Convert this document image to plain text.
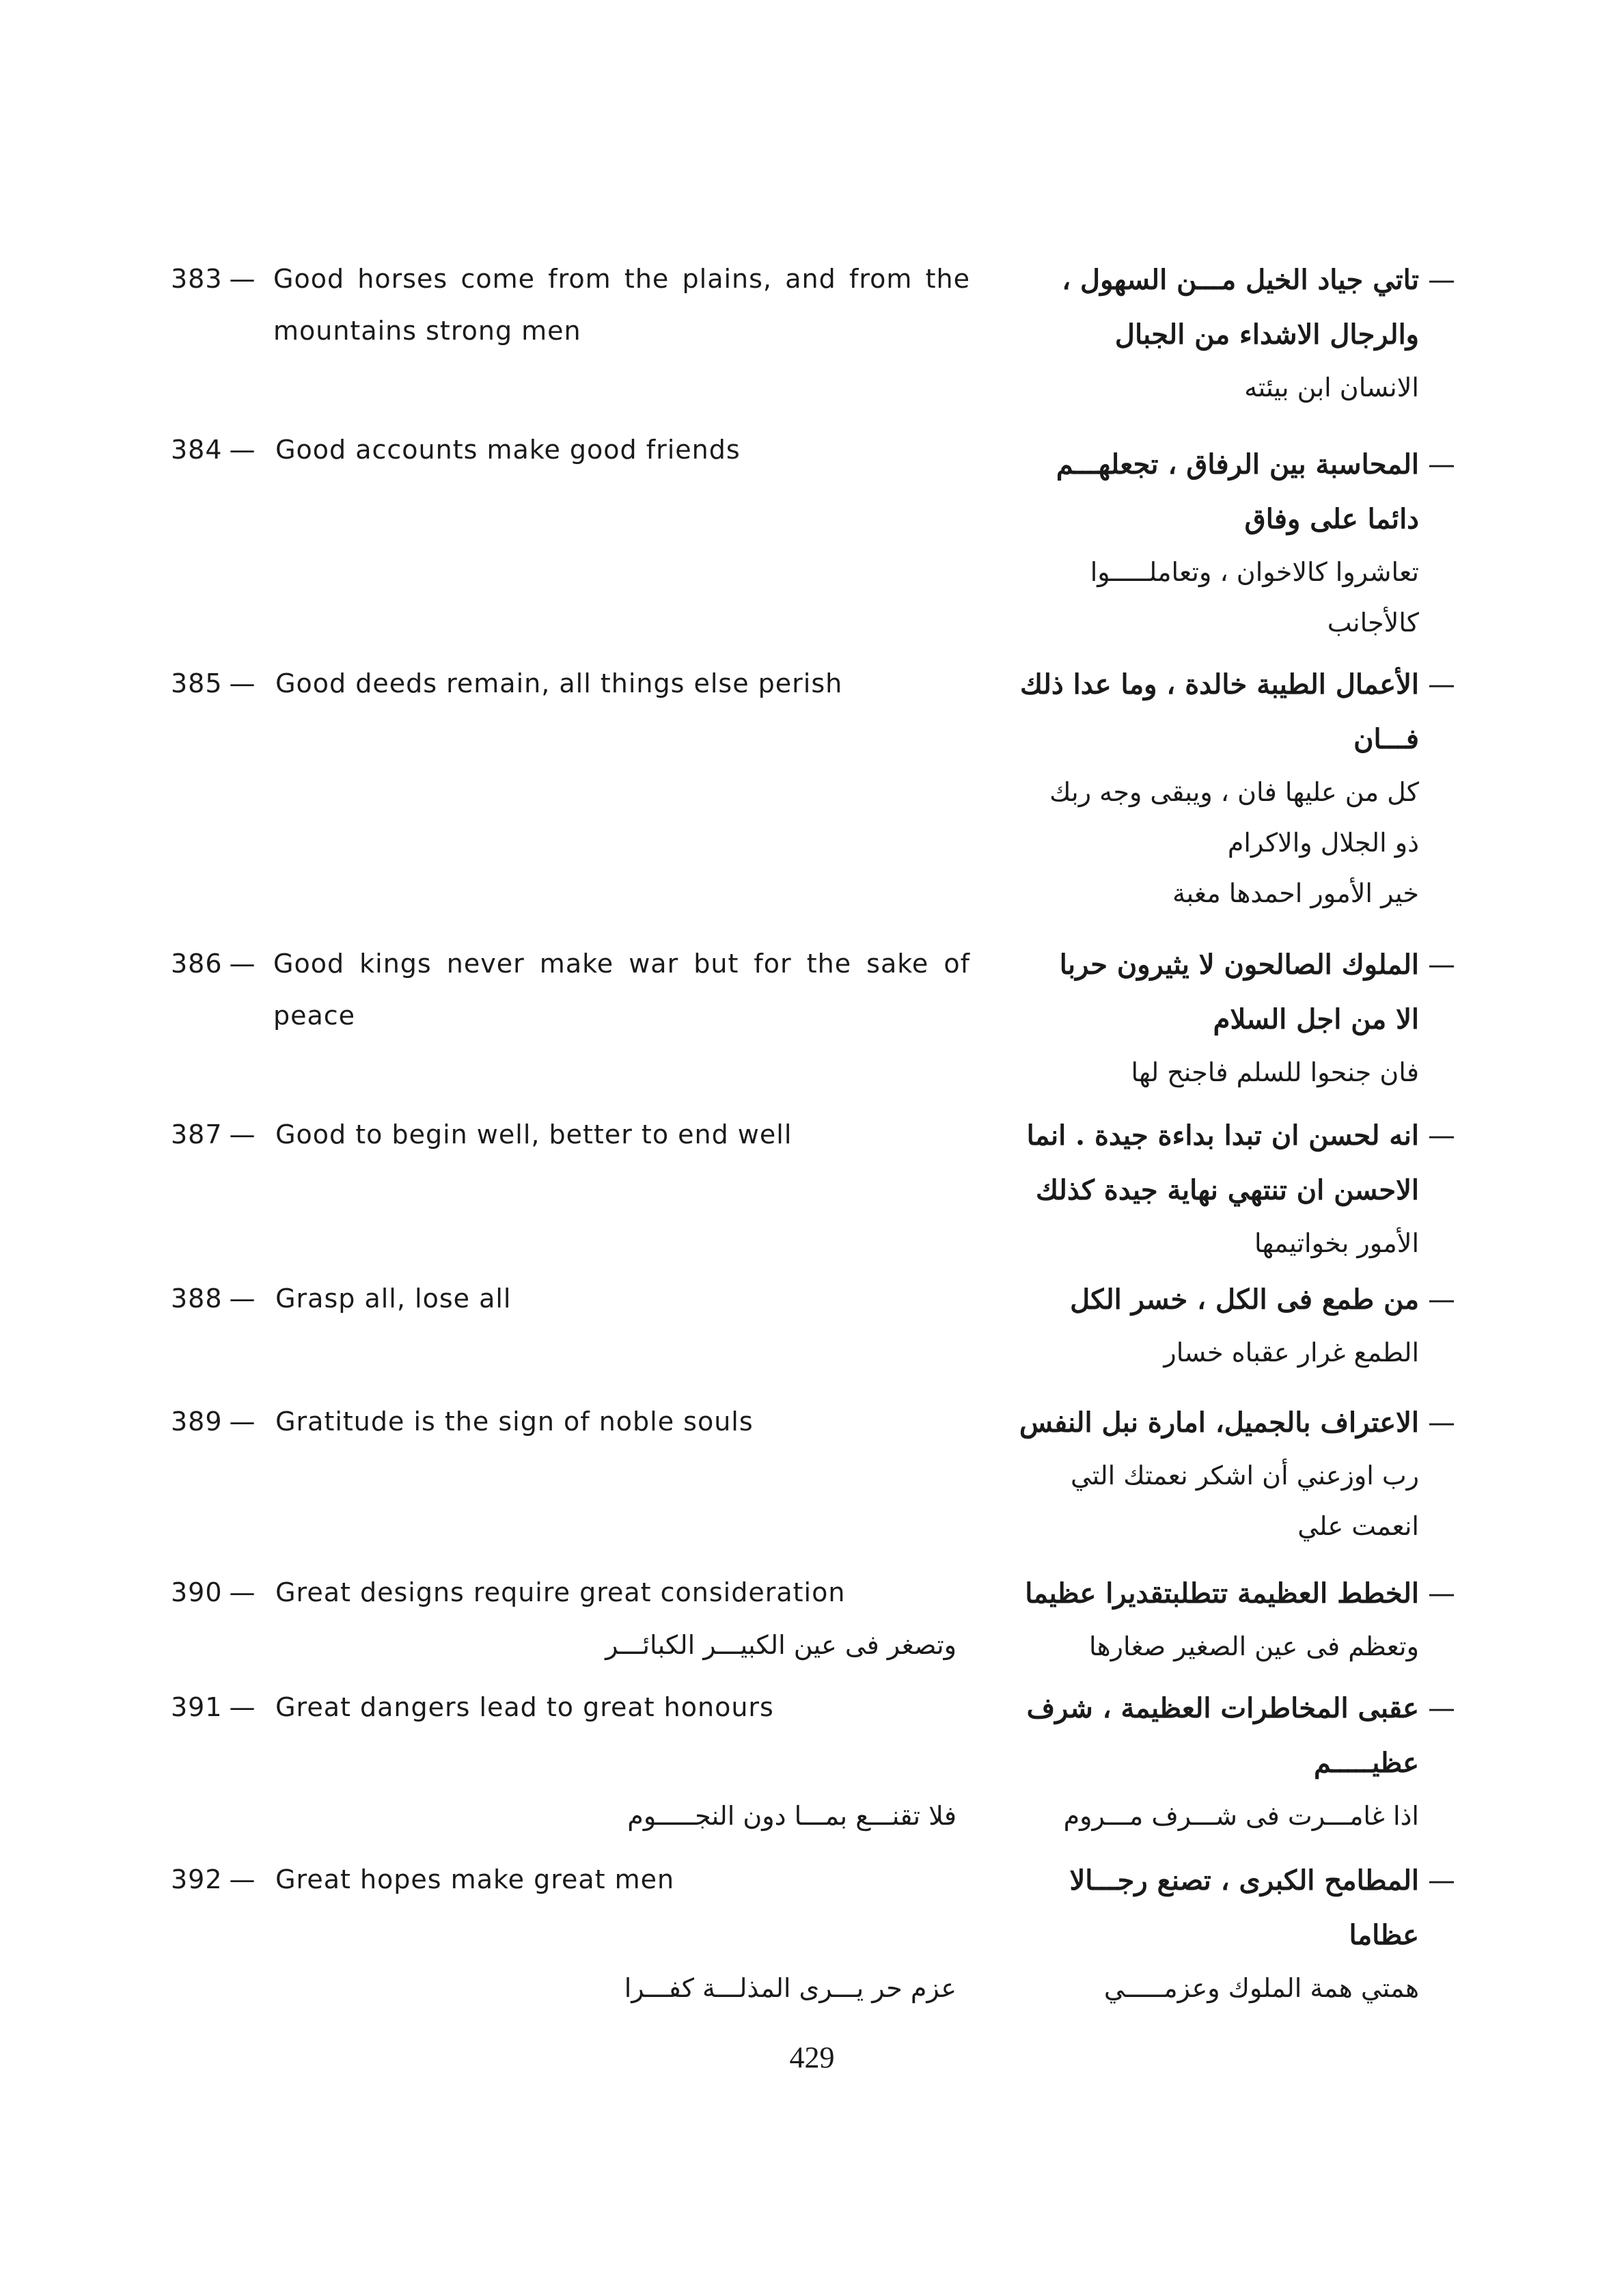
383 — Good horses come from the plains, and from the mountains strong men
—
تاتي جياد الخيل مـــن السهول ،
والرجال الاشداء من الجبال
الانسان ابن بيئته
384 — Good accounts make good friends	—
المحاسبة بين الرفاق ، تجعلهـــم
دائما على وفاق
تعاشروا كالاخوان ، وتعاملـــــوا
كالأجانب
385 — Good deeds remain, all things else perish	—
الأعمال الطيبة خالدة ، وما عدا ذلك
فـــان
كل من عليها فان ، ويبقى وجه ربك
ذو الجلال والاكرام
خير الأمور احمدها مغبة
386 — Good kings never make war but for the sake of peace
—
الملوك الصالحون لا يثيرون حربا
الا من اجل السلام
فان جنحوا للسلم فاجنح لها
387 — Good to begin well, better to end well	—
انه لحسن ان تبدا بداءة جيدة . انما
الاحسن ان تنتهي نهاية جيدة كذلك
الأمور بخواتيمها
388 — Grasp all, lose all	—
من طمع فى الكل ، خسر الكل
الطمع غرار عقباه خسار
389 — Gratitude is the sign of noble souls	—
الاعتراف بالجميل، امارة نبل النفس
رب اوزعني أن اشكر نعمتك التي
انعمت علي
390 — Great designs require great consideration	—
الخطط العظيمة تتطلبتقديرا عظيما
وتعظم فى عين الصغير صغارها
وتصغر فى عين الكبيـــر الكبائـــر
391 — Great dangers lead to great honours	—
عقبى المخاطرات العظيمة ، شرف
عظيـــــم
اذا غامـــرت فى شـــرف مـــروم
فلا تقنـــع بمـــا دون النجـــــوم
392 — Great hopes make great men	—
المطامح الكبرى ، تصنع رجـــالا
عظاما
همتي همة الملوك وعزمـــــي
عزم حر يـــرى المذلـــة كفـــرا
429
